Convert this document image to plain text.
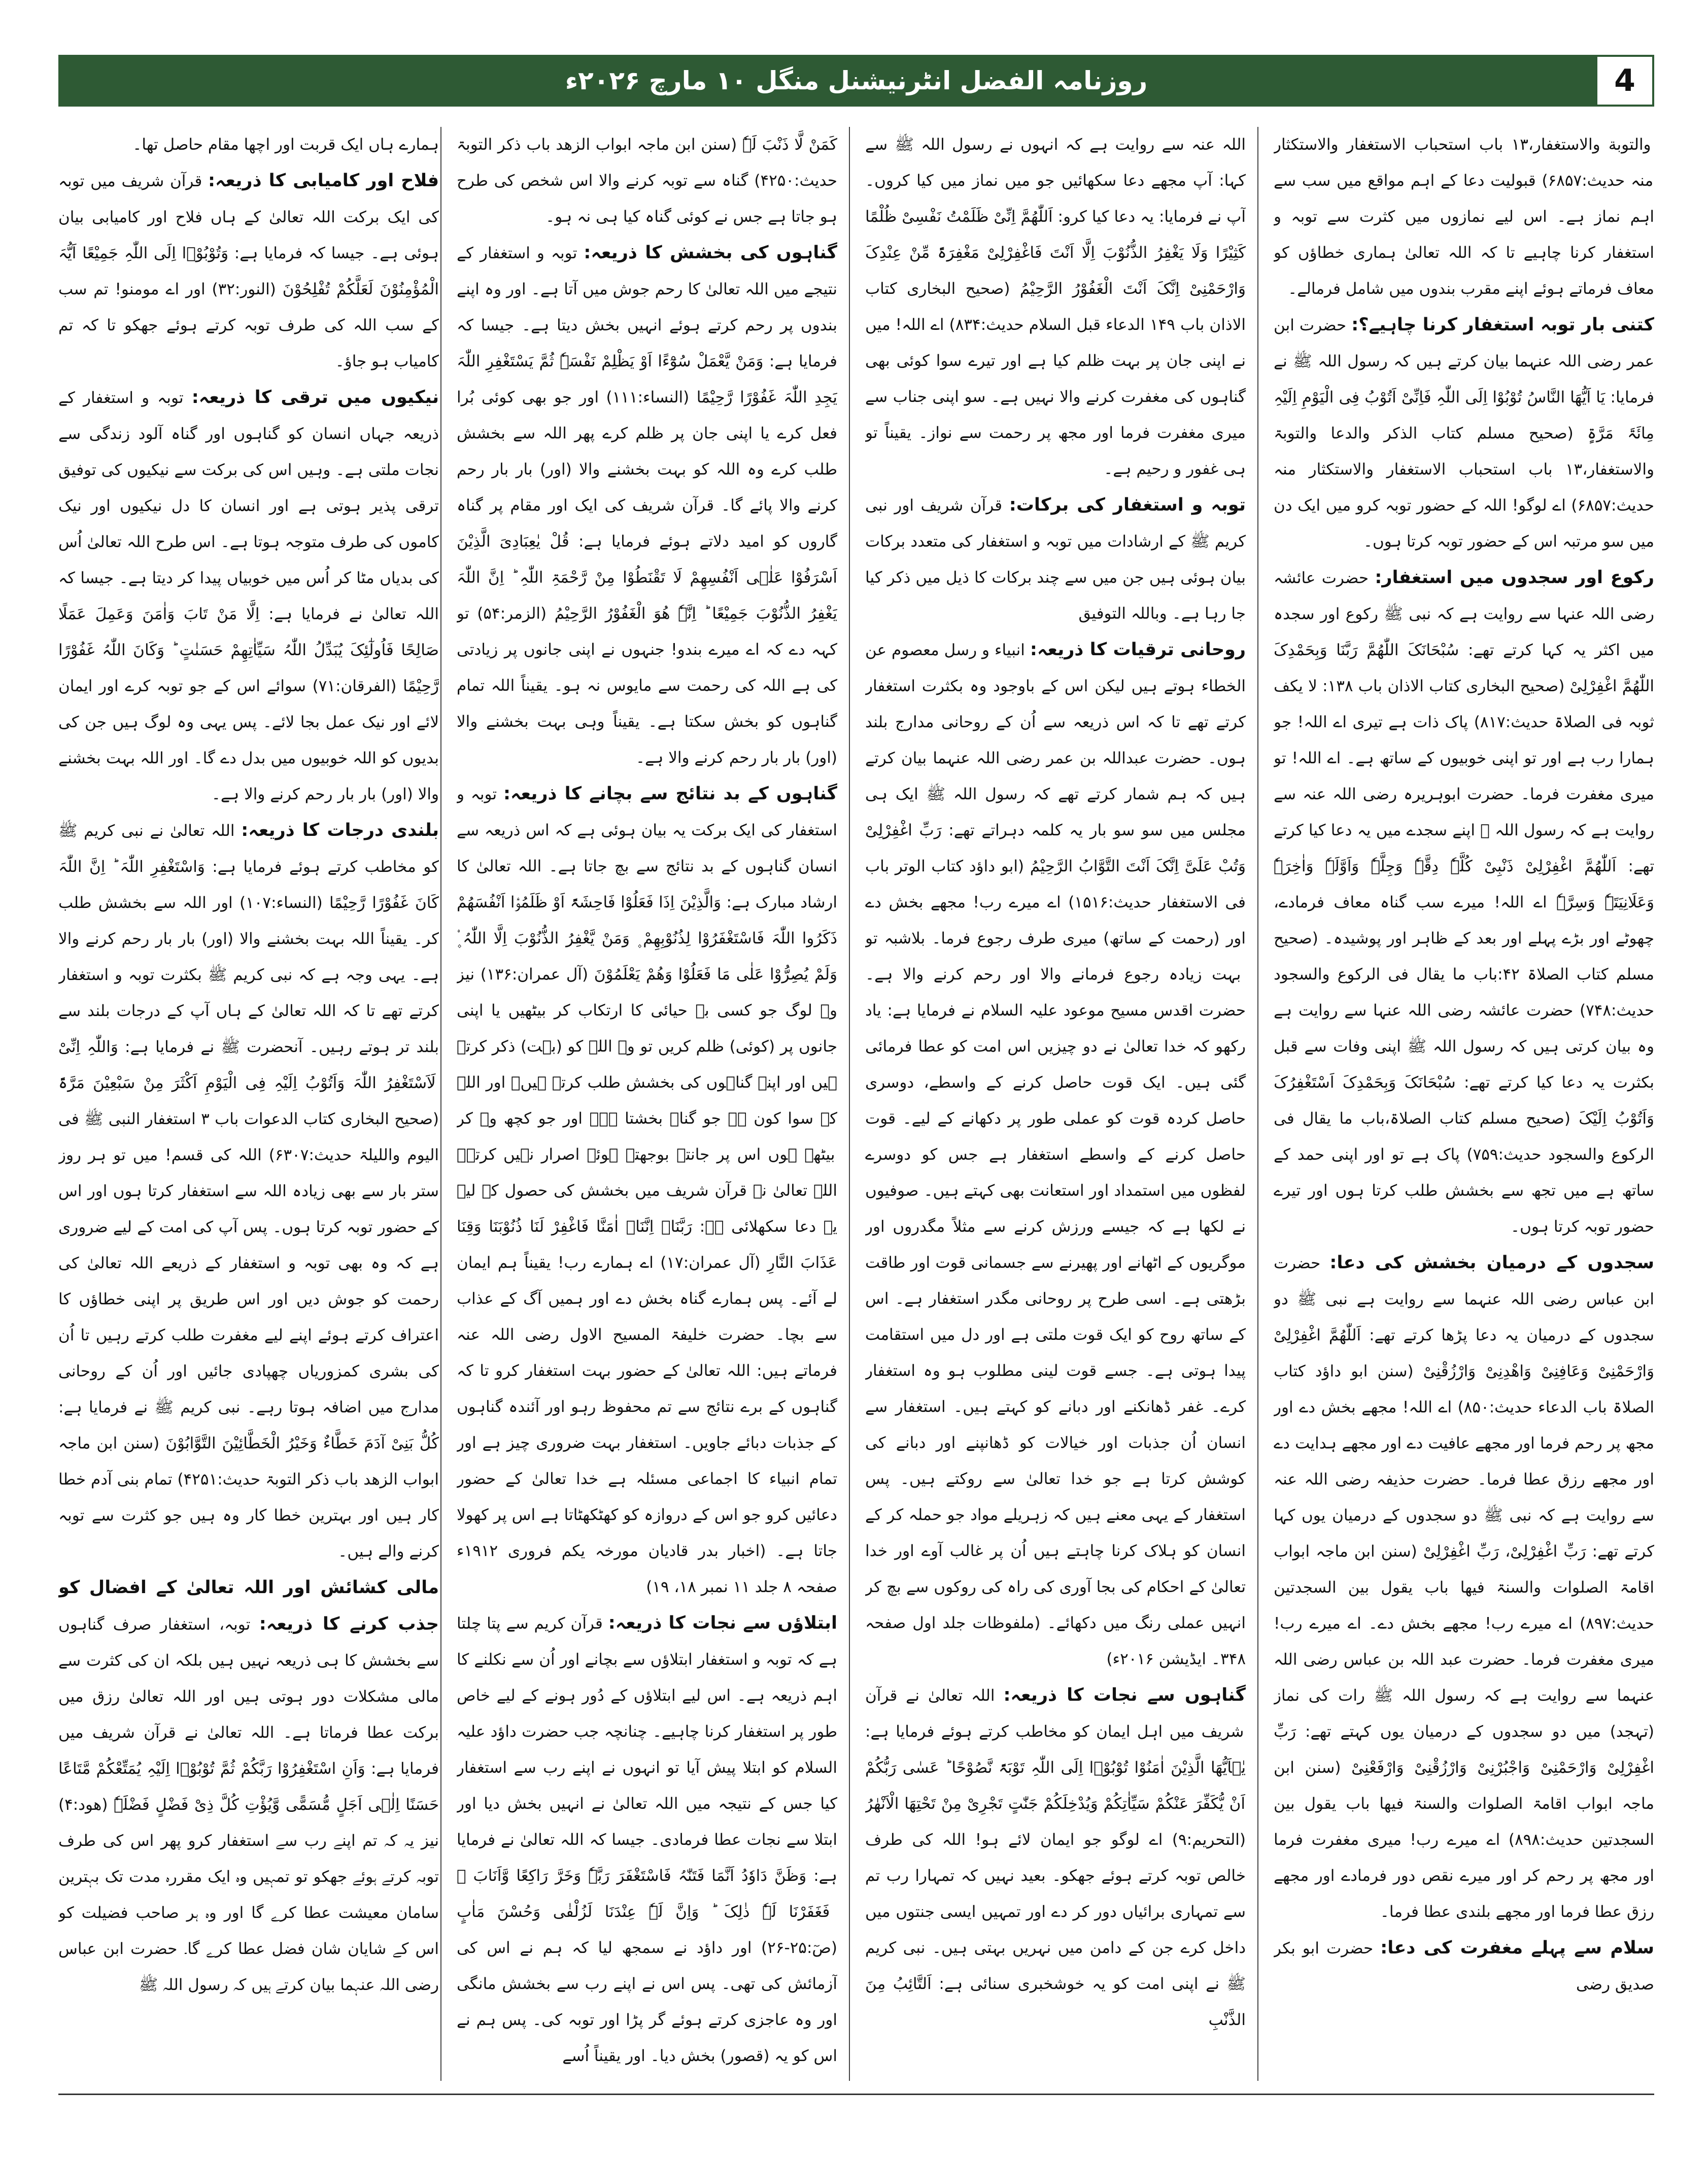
روزنامہ الفضل انٹرنیشنل منگل ۱۰ مارچ ۲۰۲۶ء	4

والتوبة والاستغفار،۱۳ باب استحباب الاستغفار والاستکثار منہ حدیث:۶۸۵۷) قبولیت دعا کے اہم مواقع میں سب سے اہم نماز ہے۔ اس لیے نمازوں میں کثرت سے توبہ و استغفار کرنا چاہیے تا کہ اللہ تعالیٰ ہماری خطاؤں کو معاف فرماتے ہوئے اپنے مقرب بندوں میں شامل فرمالے۔

کتنی بار توبہ استغفار کرنا چاہیے؟: حضرت ابن عمر رضی اللہ عنہما بیان کرتے ہیں کہ رسول اللہ ﷺ نے فرمایا: یَا اَیُّھَا النَّاسُ تُوْبُوْا اِلَی اللّٰہِ فَاِنِّیْ اَتُوْبُ فِی الْیَوْمِ اِلَیْہِ مِائَۃَ مَرَّۃٍ (صحیح مسلم کتاب الذکر والدعا والتوبۃ والاستغفار،۱۳ باب استحباب الاستغفار والاستکثار منہ حدیث:۶۸۵۷) اے لوگو! اللہ کے حضور توبہ کرو میں ایک دن میں سو مرتبہ اس کے حضور توبہ کرتا ہوں۔

رکوع اور سجدوں میں استغفار: حضرت عائشہ رضی اللہ عنہا سے روایت ہے کہ نبی ﷺ رکوع اور سجدہ میں اکثر یہ کہا کرتے تھے: سُبْحَانَکَ اللّٰھُمَّ رَبَّنَا وَبِحَمْدِکَ اللّٰھُمَّ اغْفِرْلِیْ (صحیح البخاری کتاب الاذان باب ۱۳۸: لا یکف ثوبہ فی الصلاۃ حدیث:۸۱۷) پاک ذات ہے تیری اے اللہ! جو ہمارا رب ہے اور تو اپنی خوبیوں کے ساتھ ہے۔ اے اللہ! تو میری مغفرت فرما۔ حضرت ابوہریرہ رضی اللہ عنہ سے روایت ہے کہ رسول اللہ ﷺ اپنے سجدے میں یہ دعا کیا کرتے تھے: اَللّٰھُمَّ اغْفِرْلِیْ ذَنْبِیْ کُلَّہٗ دِقَّہٗ وَجِلَّہٗ وَاَوَّلَہٗ وَاٰخِرَہٗ وَعَلَانِیَتَہٗ وَسِرَّہٗ اے اللہ! میرے سب گناہ معاف فرمادے، چھوٹے اور بڑے پہلے اور بعد کے ظاہر اور پوشیدہ۔ (صحیح مسلم کتاب الصلاۃ ۴۲:باب ما یقال فی الرکوع والسجود حدیث:۷۴۸) حضرت عائشہ رضی اللہ عنہا سے روایت ہے وہ بیان کرتی ہیں کہ رسول اللہ ﷺ اپنی وفات سے قبل بکثرت یہ دعا کیا کرتے تھے: سُبْحَانَکَ وَبِحَمْدِکَ اَسْتَغْفِرُکَ وَاَتُوْبُ اِلَیْکَ (صحیح مسلم کتاب الصلاۃ،باب ما یقال فی الرکوع والسجود حدیث:۷۵۹) پاک ہے تو اور اپنی حمد کے ساتھ ہے میں تجھ سے بخشش طلب کرتا ہوں اور تیرے حضور توبہ کرتا ہوں۔

سجدوں کے درمیان بخشش کی دعا: حضرت ابن عباس رضی اللہ عنہما سے روایت ہے نبی ﷺ دو سجدوں کے درمیان یہ دعا پڑھا کرتے تھے: اَللّٰھُمَّ اغْفِرْلِیْ وَارْحَمْنِیْ وَعَافِنِیْ وَاھْدِنِیْ وَارْزُقْنِیْ (سنن ابو داؤد کتاب الصلاۃ باب الدعاء حدیث:۸۵۰) اے اللہ! مجھے بخش دے اور مجھ پر رحم فرما اور مجھے عافیت دے اور مجھے ہدایت دے اور مجھے رزق عطا فرما۔ حضرت حذیفہ رضی اللہ عنہ سے روایت ہے کہ نبی ﷺ دو سجدوں کے درمیان یوں کہا کرتے تھے: رَبِّ اغْفِرْلِیْ، رَبِّ اغْفِرْلِیْ (سنن ابن ماجہ ابواب اقامۃ الصلوات والسنۃ فیھا باب یقول بین السجدتین حدیث:۸۹۷) اے میرے رب! مجھے بخش دے۔ اے میرے رب! میری مغفرت فرما۔ حضرت عبد اللہ بن عباس رضی اللہ عنہما سے روایت ہے کہ رسول اللہ ﷺ رات کی نماز (تہجد) میں دو سجدوں کے درمیان یوں کہتے تھے: رَبِّ اغْفِرْلِیْ وَارْحَمْنِیْ وَاجْبُرْنِیْ وَارْزُقْنِیْ وَارْفَعْنِیْ (سنن ابن ماجہ ابواب اقامۃ الصلوات والسنۃ فیھا باب یقول بین السجدتین حدیث:۸۹۸) اے میرے رب! میری مغفرت فرما اور مجھ پر رحم کر اور میرے نقص دور فرمادے اور مجھے رزق عطا فرما اور مجھے بلندی عطا فرما۔

سلام سے پہلے مغفرت کی دعا: حضرت ابو بکر صدیق رضی

اللہ عنہ سے روایت ہے کہ انہوں نے رسول اللہ ﷺ سے کہا: آپ مجھے دعا سکھائیں جو میں نماز میں کیا کروں۔ آپ نے فرمایا: یہ دعا کیا کرو: اَللّٰھُمَّ اِنِّیْ ظَلَمْتُ نَفْسِیْ ظُلْمًا کَثِیْرًا وَلَا یَغْفِرُ الذُّنُوْبَ اِلَّا اَنْتَ فَاغْفِرْلِیْ مَغْفِرَۃً مِّنْ عِنْدِکَ وَارْحَمْنِیْ اِنَّکَ اَنْتَ الْغَفُوْرُ الرَّحِیْمُ (صحیح البخاری کتاب الاذان باب ۱۴۹ الدعاء قبل السلام حدیث:۸۳۴) اے اللہ! میں نے اپنی جان پر بہت ظلم کیا ہے اور تیرے سوا کوئی بھی گناہوں کی مغفرت کرنے والا نہیں ہے۔ سو اپنی جناب سے میری مغفرت فرما اور مجھ پر رحمت سے نواز۔ یقیناً تو ہی غفور و رحیم ہے۔

توبہ و استغفار کی برکات: قرآن شریف اور نبی کریم ﷺ کے ارشادات میں توبہ و استغفار کی متعدد برکات بیان ہوئی ہیں جن میں سے چند برکات کا ذیل میں ذکر کیا جا رہا ہے۔ وباللہ التوفیق

روحانی ترقیات کا ذریعہ: انبیاء و رسل معصوم عن الخطاء ہوتے ہیں لیکن اس کے باوجود وہ بکثرت استغفار کرتے تھے تا کہ اس ذریعہ سے اُن کے روحانی مدارج بلند ہوں۔ حضرت عبداللہ بن عمر رضی اللہ عنہما بیان کرتے ہیں کہ ہم شمار کرتے تھے کہ رسول اللہ ﷺ ایک ہی مجلس میں سو سو بار یہ کلمہ دہراتے تھے: رَبِّ اغْفِرْلِیْ وَتُبْ عَلَیَّ اِنَّکَ اَنْتَ التَّوَّابُ الرَّحِیْمُ (ابو داؤد کتاب الوتر باب فی الاستغفار حدیث:۱۵۱۶) اے میرے رب! مجھے بخش دے اور (رحمت کے ساتھ) میری طرف رجوع فرما۔ بلاشبہ تو بہت زیادہ رجوع فرمانے والا اور رحم کرنے والا ہے۔ حضرت اقدس مسیح موعود علیہ السلام نے فرمایا ہے: یاد رکھو کہ خدا تعالیٰ نے دو چیزیں اس امت کو عطا فرمائی گئی ہیں۔ ایک قوت حاصل کرنے کے واسطے، دوسری حاصل کردہ قوت کو عملی طور پر دکھانے کے لیے۔ قوت حاصل کرنے کے واسطے استغفار ہے جس کو دوسرے لفظوں میں استمداد اور استعانت بھی کہتے ہیں۔ صوفیوں نے لکھا ہے کہ جیسے ورزش کرنے سے مثلاً مگدروں اور موگریوں کے اٹھانے اور پھیرنے سے جسمانی قوت اور طاقت بڑھتی ہے۔ اسی طرح پر روحانی مگدر استغفار ہے۔ اس کے ساتھ روح کو ایک قوت ملتی ہے اور دل میں استقامت پیدا ہوتی ہے۔ جسے قوت لینی مطلوب ہو وہ استغفار کرے۔ غفر ڈھانکنے اور دبانے کو کہتے ہیں۔ استغفار سے انسان اُن جذبات اور خیالات کو ڈھانپنے اور دبانے کی کوشش کرتا ہے جو خدا تعالیٰ سے روکتے ہیں۔ پس استغفار کے یہی معنے ہیں کہ زہریلے مواد جو حملہ کر کے انسان کو ہلاک کرنا چاہتے ہیں اُن پر غالب آوے اور خدا تعالیٰ کے احکام کی بجا آوری کی راہ کی روکوں سے بچ کر انہیں عملی رنگ میں دکھائے۔ (ملفوظات جلد اول صفحہ ۳۴۸۔ ایڈیشن ۲۰۱۶ء)

گناہوں سے نجات کا ذریعہ: اللہ تعالیٰ نے قرآن شریف میں اہل ایمان کو مخاطب کرتے ہوئے فرمایا ہے: یٰۤاَیُّھَا الَّذِیْنَ اٰمَنُوْا تُوْبُوْۤا اِلَی اللّٰہِ تَوْبَۃً نَّصُوْحًا ؕ عَسٰی رَبُّکُمْ اَنْ یُّکَفِّرَ عَنْکُمْ سَیِّاٰتِکُمْ وَیُدْخِلَکُمْ جَنّٰتٍ تَجْرِیْ مِنْ تَحْتِھَا الْاَنْھٰرُ (التحریم:۹) اے لوگو جو ایمان لائے ہو! اللہ کی طرف خالص توبہ کرتے ہوئے جھکو۔ بعید نہیں کہ تمہارا رب تم سے تمہاری برائیاں دور کر دے اور تمہیں ایسی جنتوں میں داخل کرے جن کے دامن میں نہریں بہتی ہیں۔ نبی کریم ﷺ نے اپنی امت کو یہ خوشخبری سنائی ہے: اَلتَّائِبُ مِنَ الذَّنْبِ

کَمَنْ لَّا ذَنْبَ لَہٗ (سنن ابن ماجہ ابواب الزھد باب ذکر التوبۃ حدیث:۴۲۵۰) گناہ سے توبہ کرنے والا اس شخص کی طرح ہو جاتا ہے جس نے کوئی گناہ کیا ہی نہ ہو۔

گناہوں کی بخشش کا ذریعہ: توبہ و استغفار کے نتیجے میں اللہ تعالیٰ کا رحم جوش میں آتا ہے۔ اور وہ اپنے بندوں پر رحم کرتے ہوئے انہیں بخش دیتا ہے۔ جیسا کہ فرمایا ہے: وَمَنْ یَّعْمَلْ سُوْٓءًا اَوْ یَظْلِمْ نَفْسَہٗ ثُمَّ یَسْتَغْفِرِ اللّٰہَ یَجِدِ اللّٰہَ غَفُوْرًا رَّحِیْمًا (النساء:۱۱۱) اور جو بھی کوئی بُرا فعل کرے یا اپنی جان پر ظلم کرے پھر اللہ سے بخشش طلب کرے وہ اللہ کو بہت بخشنے والا (اور) بار بار رحم کرنے والا پائے گا۔ قرآن شریف کی ایک اور مقام پر گناہ گاروں کو امید دلاتے ہوئے فرمایا ہے: قُلْ یٰعِبَادِیَ الَّذِیْنَ اَسْرَفُوْا عَلٰۤی اَنْفُسِھِمْ لَا تَقْنَطُوْا مِنْ رَّحْمَۃِ اللّٰہِ ؕ اِنَّ اللّٰہَ یَغْفِرُ الذُّنُوْبَ جَمِیْعًا ؕ اِنَّہٗ ھُوَ الْغَفُوْرُ الرَّحِیْمُ (الزمر:۵۴) تو کہہ دے کہ اے میرے بندو! جنہوں نے اپنی جانوں پر زیادتی کی ہے اللہ کی رحمت سے مایوس نہ ہو۔ یقیناً اللہ تمام گناہوں کو بخش سکتا ہے۔ یقیناً وہی بہت بخشنے والا (اور) بار بار رحم کرنے والا ہے۔

گناہوں کے بد نتائج سے بچانے کا ذریعہ: توبہ و استغفار کی ایک برکت یہ بیان ہوئی ہے کہ اس ذریعہ سے انسان گناہوں کے بد نتائج سے بچ جاتا ہے۔ اللہ تعالیٰ کا ارشاد مبارک ہے: وَالَّذِیْنَ اِذَا فَعَلُوْا فَاحِشَۃً اَوْ ظَلَمُوْۤا اَنْفُسَھُمْ ذَکَرُوا اللّٰہَ فَاسْتَغْفَرُوْا لِذُنُوْبِھِمْ ۪ وَمَنْ یَّغْفِرُ الذُّنُوْبَ اِلَّا اللّٰہُ ۪۟ وَلَمْ یُصِرُّوْا عَلٰی مَا فَعَلُوْا وَھُمْ یَعْلَمُوْنَ (آل عمران:۱۳۶) نیز وہ لوگ جو کسی بے حیائی کا ارتکاب کر بیٹھیں یا اپنی جانوں پر (کوئی) ظلم کریں تو وہ اللہ کو (بہت) ذکر کرتے ہیں اور اپنے گناہوں کی بخشش طلب کرتے ہیں۔ اور اللہ کے سوا کون ہے جو گناہ بخشتا ہے۔ اور جو کچھ وہ کر بیٹھے ہوں اس پر جانتے بوجھتے ہوئے اصرار نہیں کرتے۔ اللہ تعالیٰ نے قرآن شریف میں بخشش کی حصول کے لیے یہ دعا سکھلائی ہے: رَبَّنَاۤ اِنَّنَاۤ اٰمَنَّا فَاغْفِرْ لَنَا ذُنُوْبَنَا وَقِنَا عَذَابَ النَّارِ (آل عمران:۱۷) اے ہمارے رب! یقیناً ہم ایمان لے آئے۔ پس ہمارے گناہ بخش دے اور ہمیں آگ کے عذاب سے بچا۔ حضرت خلیفۃ المسیح الاول رضی اللہ عنہ فرماتے ہیں: اللہ تعالیٰ کے حضور بہت استغفار کرو تا کہ گناہوں کے برے نتائج سے تم محفوظ رہو اور آئندہ گناہوں کے جذبات دبائے جاویں۔ استغفار بہت ضروری چیز ہے اور تمام انبیاء کا اجماعی مسئلہ ہے خدا تعالیٰ کے حضور دعائیں کرو جو اس کے دروازہ کو کھٹکھٹاتا ہے اس پر کھولا جاتا ہے۔ (اخبار بدر قادیان مورخہ یکم فروری ۱۹۱۲ء صفحہ ۸ جلد ۱۱ نمبر ۱۸، ۱۹)

ابتلاؤں سے نجات کا ذریعہ: قرآن کریم سے پتا چلتا ہے کہ توبہ و استغفار ابتلاؤں سے بچانے اور اُن سے نکلنے کا اہم ذریعہ ہے۔ اس لیے ابتلاؤں کے دُور ہونے کے لیے خاص طور پر استغفار کرنا چاہیے۔ چنانچہ جب حضرت داؤد علیہ السلام کو ابتلا پیش آیا تو انہوں نے اپنے رب سے استغفار کیا جس کے نتیجہ میں اللہ تعالیٰ نے انہیں بخش دیا اور ابتلا سے نجات عطا فرمادی۔ جیسا کہ اللہ تعالیٰ نے فرمایا ہے: وَظَنَّ دَاوٗدُ اَنَّمَا فَتَنّٰہُ فَاسْتَغْفَرَ رَبَّہٗ وَخَرَّ رَاکِعًا وَّاَنَابَ ۩ فَغَفَرْنَا لَہٗ ذٰلِکَ ؕ وَاِنَّ لَہٗ عِنْدَنَا لَزُلْفٰی وَحُسْنَ مَاٰبٍ (صٓ:۲۵-۲۶) اور داؤد نے سمجھ لیا کہ ہم نے اس کی آزمائش کی تھی۔ پس اس نے اپنے رب سے بخشش مانگی اور وہ عاجزی کرتے ہوئے گر پڑا اور توبہ کی۔ پس ہم نے اس کو یہ (قصور) بخش دیا۔ اور یقیناً اُسے

ہمارے ہاں ایک قربت اور اچھا مقام حاصل تھا۔

فلاح اور کامیابی کا ذریعہ: قرآن شریف میں توبہ کی ایک برکت اللہ تعالیٰ کے ہاں فلاح اور کامیابی بیان ہوئی ہے۔ جیسا کہ فرمایا ہے: وَتُوْبُوْۤا اِلَی اللّٰہِ جَمِیْعًا اَیُّہَ الْمُؤْمِنُوْنَ لَعَلَّکُمْ تُفْلِحُوْنَ (النور:۳۲) اور اے مومنو! تم سب کے سب اللہ کی طرف توبہ کرتے ہوئے جھکو تا کہ تم کامیاب ہو جاؤ۔

نیکیوں میں ترقی کا ذریعہ: توبہ و استغفار کے ذریعہ جہاں انسان کو گناہوں اور گناہ آلود زندگی سے نجات ملتی ہے۔ وہیں اس کی برکت سے نیکیوں کی توفیق ترقی پذیر ہوتی ہے اور انسان کا دل نیکیوں اور نیک کاموں کی طرف متوجہ ہوتا ہے۔ اس طرح اللہ تعالیٰ اُس کی بدیاں مٹا کر اُس میں خوبیاں پیدا کر دیتا ہے۔ جیسا کہ اللہ تعالیٰ نے فرمایا ہے: اِلَّا مَنْ تَابَ وَاٰمَنَ وَعَمِلَ عَمَلًا صَالِحًا فَاُولٰٓئِکَ یُبَدِّلُ اللّٰہُ سَیِّاٰتِھِمْ حَسَنٰتٍ ؕ وَکَانَ اللّٰہُ غَفُوْرًا رَّحِیْمًا (الفرقان:۷۱) سوائے اس کے جو توبہ کرے اور ایمان لائے اور نیک عمل بجا لائے۔ پس یہی وہ لوگ ہیں جن کی بدیوں کو اللہ خوبیوں میں بدل دے گا۔ اور اللہ بہت بخشنے والا (اور) بار بار رحم کرنے والا ہے۔

بلندی درجات کا ذریعہ: اللہ تعالیٰ نے نبی کریم ﷺ کو مخاطب کرتے ہوئے فرمایا ہے: وَاسْتَغْفِرِ اللّٰہَ ؕ اِنَّ اللّٰہَ کَانَ غَفُوْرًا رَّحِیْمًا (النساء:۱۰۷) اور اللہ سے بخشش طلب کر۔ یقیناً اللہ بہت بخشنے والا (اور) بار بار رحم کرنے والا ہے۔ یہی وجہ ہے کہ نبی کریم ﷺ بکثرت توبہ و استغفار کرتے تھے تا کہ اللہ تعالیٰ کے ہاں آپ کے درجات بلند سے بلند تر ہوتے رہیں۔ آنحضرت ﷺ نے فرمایا ہے: وَاللّٰہِ اِنِّیْ لَاَسْتَغْفِرُ اللّٰہَ وَاَتُوْبُ اِلَیْہِ فِی الْیَوْمِ اَکْثَرَ مِنْ سَبْعِیْنَ مَرَّۃً (صحیح البخاری کتاب الدعوات باب ۳ استغفار النبی ﷺ فی الیوم واللیلۃ حدیث:۶۳۰۷) اللہ کی قسم! میں تو ہر روز ستر بار سے بھی زیادہ اللہ سے استغفار کرتا ہوں اور اس کے حضور توبہ کرتا ہوں۔ پس آپ کی امت کے لیے ضروری ہے کہ وہ بھی توبہ و استغفار کے ذریعے اللہ تعالیٰ کی رحمت کو جوش دیں اور اس طریق پر اپنی خطاؤں کا اعتراف کرتے ہوئے اپنے لیے مغفرت طلب کرتے رہیں تا اُن کی بشری کمزوریاں چھپادی جائیں اور اُن کے روحانی مدارج میں اضافہ ہوتا رہے۔ نبی کریم ﷺ نے فرمایا ہے: کُلُّ بَنِیْ آدَمَ خَطَّاءٌ وَخَیْرُ الْخَطَّائِیْنَ التَّوَّابُوْنَ (سنن ابن ماجہ ابواب الزھد باب ذکر التوبۃ حدیث:۴۲۵۱) تمام بنی آدم خطا کار ہیں اور بہترین خطا کار وہ ہیں جو کثرت سے توبہ کرنے والے ہیں۔

مالی کشائش اور اللہ تعالیٰ کے افضال کو جذب کرنے کا ذریعہ: توبہ، استغفار صرف گناہوں سے بخشش کا ہی ذریعہ نہیں ہیں بلکہ ان کی کثرت سے مالی مشکلات دور ہوتی ہیں اور اللہ تعالیٰ رزق میں برکت عطا فرماتا ہے۔ اللہ تعالیٰ نے قرآن شریف میں فرمایا ہے: وَاَنِ اسْتَغْفِرُوْا رَبَّکُمْ ثُمَّ تُوْبُوْۤا اِلَیْہِ یُمَتِّعْکُمْ مَّتَاعًا حَسَنًا اِلٰۤی اَجَلٍ مُّسَمًّی وَّیُؤْتِ کُلَّ ذِیْ فَضْلٍ فَضْلَہٗ (ھود:۴) نیز یہ کہ تم اپنے رب سے استغفار کرو پھر اس کی طرف توبہ کرتے ہوئے جھکو تو تمہیں وہ ایک مقررہ مدت تک بہترین سامان معیشت عطا کرے گا اور وہ ہر صاحب فضیلت کو اس کے شایان شان فضل عطا کرے گا۔ حضرت ابن عباس رضی اللہ عنہما بیان کرتے ہیں کہ رسول اللہ ﷺ
